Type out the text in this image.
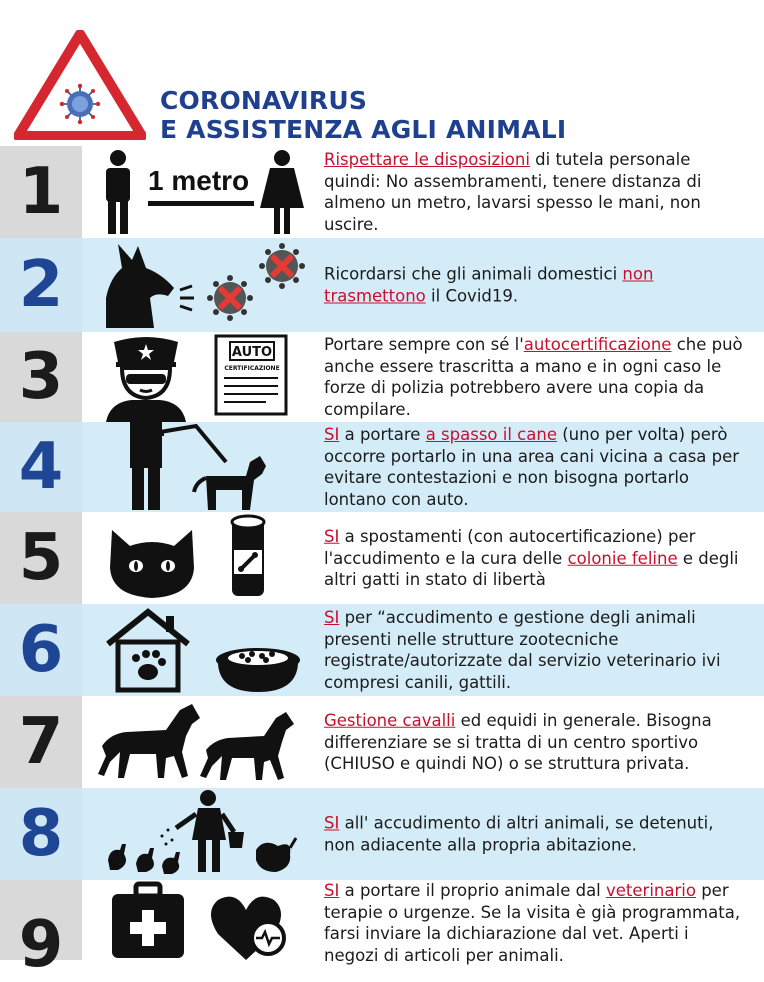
CORONAVIRUS
E ASSISTENZA AGLI ANIMALI
1	1 metro
Rispettare le disposizioni di tutela personale quindi: No assembramenti, tenere distanza di almeno un metro, lavarsi spesso le mani, non uscire.
2	Ricordarsi che gli animali domestici non trasmettono il Covid19.
3	AUTO
CERTIFICAZIONE
Portare sempre con sé l'autocertificazione che può anche essere trascritta a mano e in ogni caso le forze di polizia potrebbero avere una copia da compilare.
4	SI a portare a spasso il cane (uno per volta) però occorre portarlo in una area cani vicina a casa per evitare contestazioni e non bisogna portarlo lontano con auto.
5	SI a spostamenti (con autocertificazione) per l'accudimento e la cura delle colonie feline e degli altri gatti in stato di libertà
6	SI per “accudimento e gestione degli animali presenti nelle strutture zootecniche registrate/autorizzate dal servizio veterinario ivi compresi canili, gattili.
7	Gestione cavalli ed equidi in generale. Bisogna differenziare se si tratta di un centro sportivo (CHIUSO e quindi NO) o se struttura privata.
8	SI all' accudimento di altri animali, se detenuti, non adiacente alla propria abitazione.
9
SI a portare il proprio animale dal veterinario per terapie o urgenze. Se la visita è già programmata, farsi inviare la dichiarazione dal vet. Aperti i negozi di articoli per animali.
